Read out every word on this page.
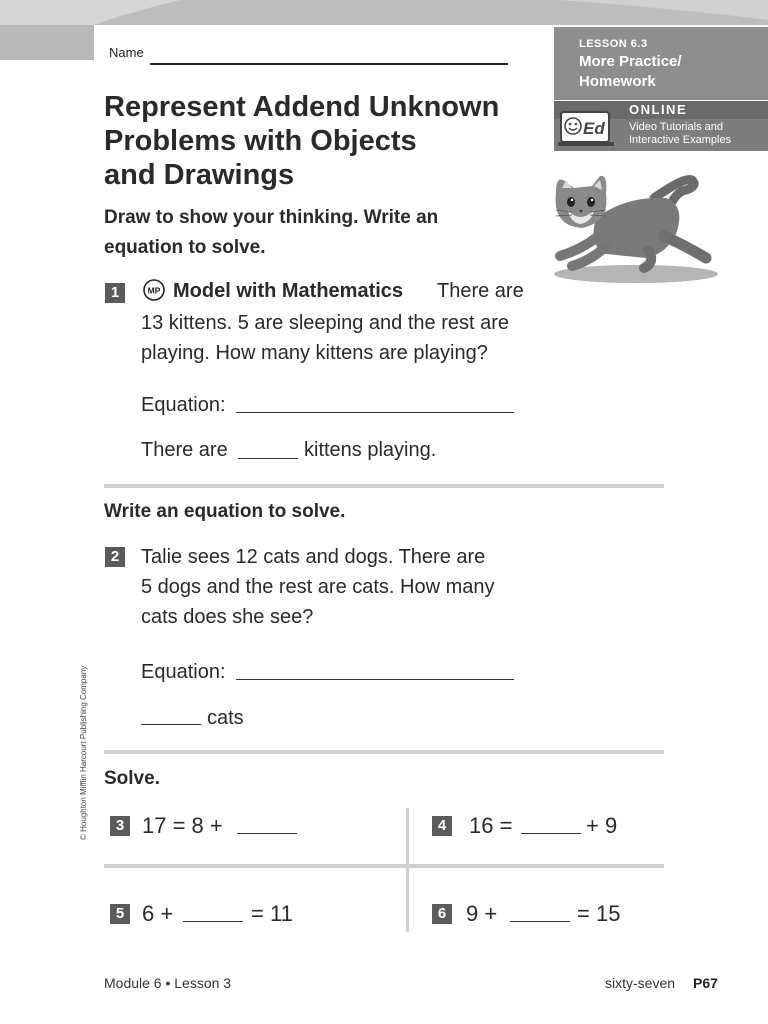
Name
LESSON 6.3
More Practice/
Homework
ONLINE
Video Tutorials and
Interactive Examples
Ed
Represent Addend Unknown
Problems with Objects
and Drawings
Draw to show your thinking. Write an
equation to solve.
1	MP Model with Mathematics There are
13 kittens. 5 are sleeping and the rest are
playing. How many kittens are playing?
Equation:
There are	kittens playing.
Write an equation to solve.
2 Talie sees 12 cats and dogs. There are
5 dogs and the rest are cats. How many
cats does she see?
Equation:
cats
Solve.
3 17 = 8 +	4 16 =	+ 9
5 6 +	= 11	6 9 +	= 15
© Houghton Mifflin Harcourt Publishing Company
Module 6 • Lesson 3	sixty-seven P67
